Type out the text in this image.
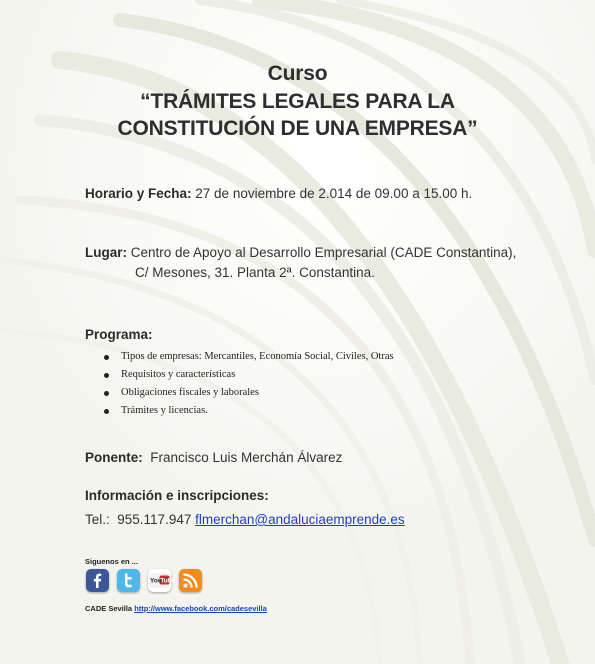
Curso
“TRÁMITES LEGALES PARA LA
CONSTITUCIÓN DE UNA EMPRESA”
Horario y Fecha: 27 de noviembre de 2.014 de 09.00 a 15.00 h.
Lugar: Centro de Apoyo al Desarrollo Empresarial (CADE Constantina),
C/ Mesones, 31. Planta 2ª. Constantina.
Programa:
Tipos de empresas: Mercantiles, Economía Social, Civiles, Otras
Requisitos y características
Obligaciones fiscales y laborales
Trámites y licencias.
Ponente:  Francisco Luis Merchán Álvarez
Información e inscripciones:
Tel.:  955.117.947 flmerchan@andaluciaemprende.es
Siguenos en ...
You
Tube
CADE Sevilla http://www.facebook.com/cadesevilla
